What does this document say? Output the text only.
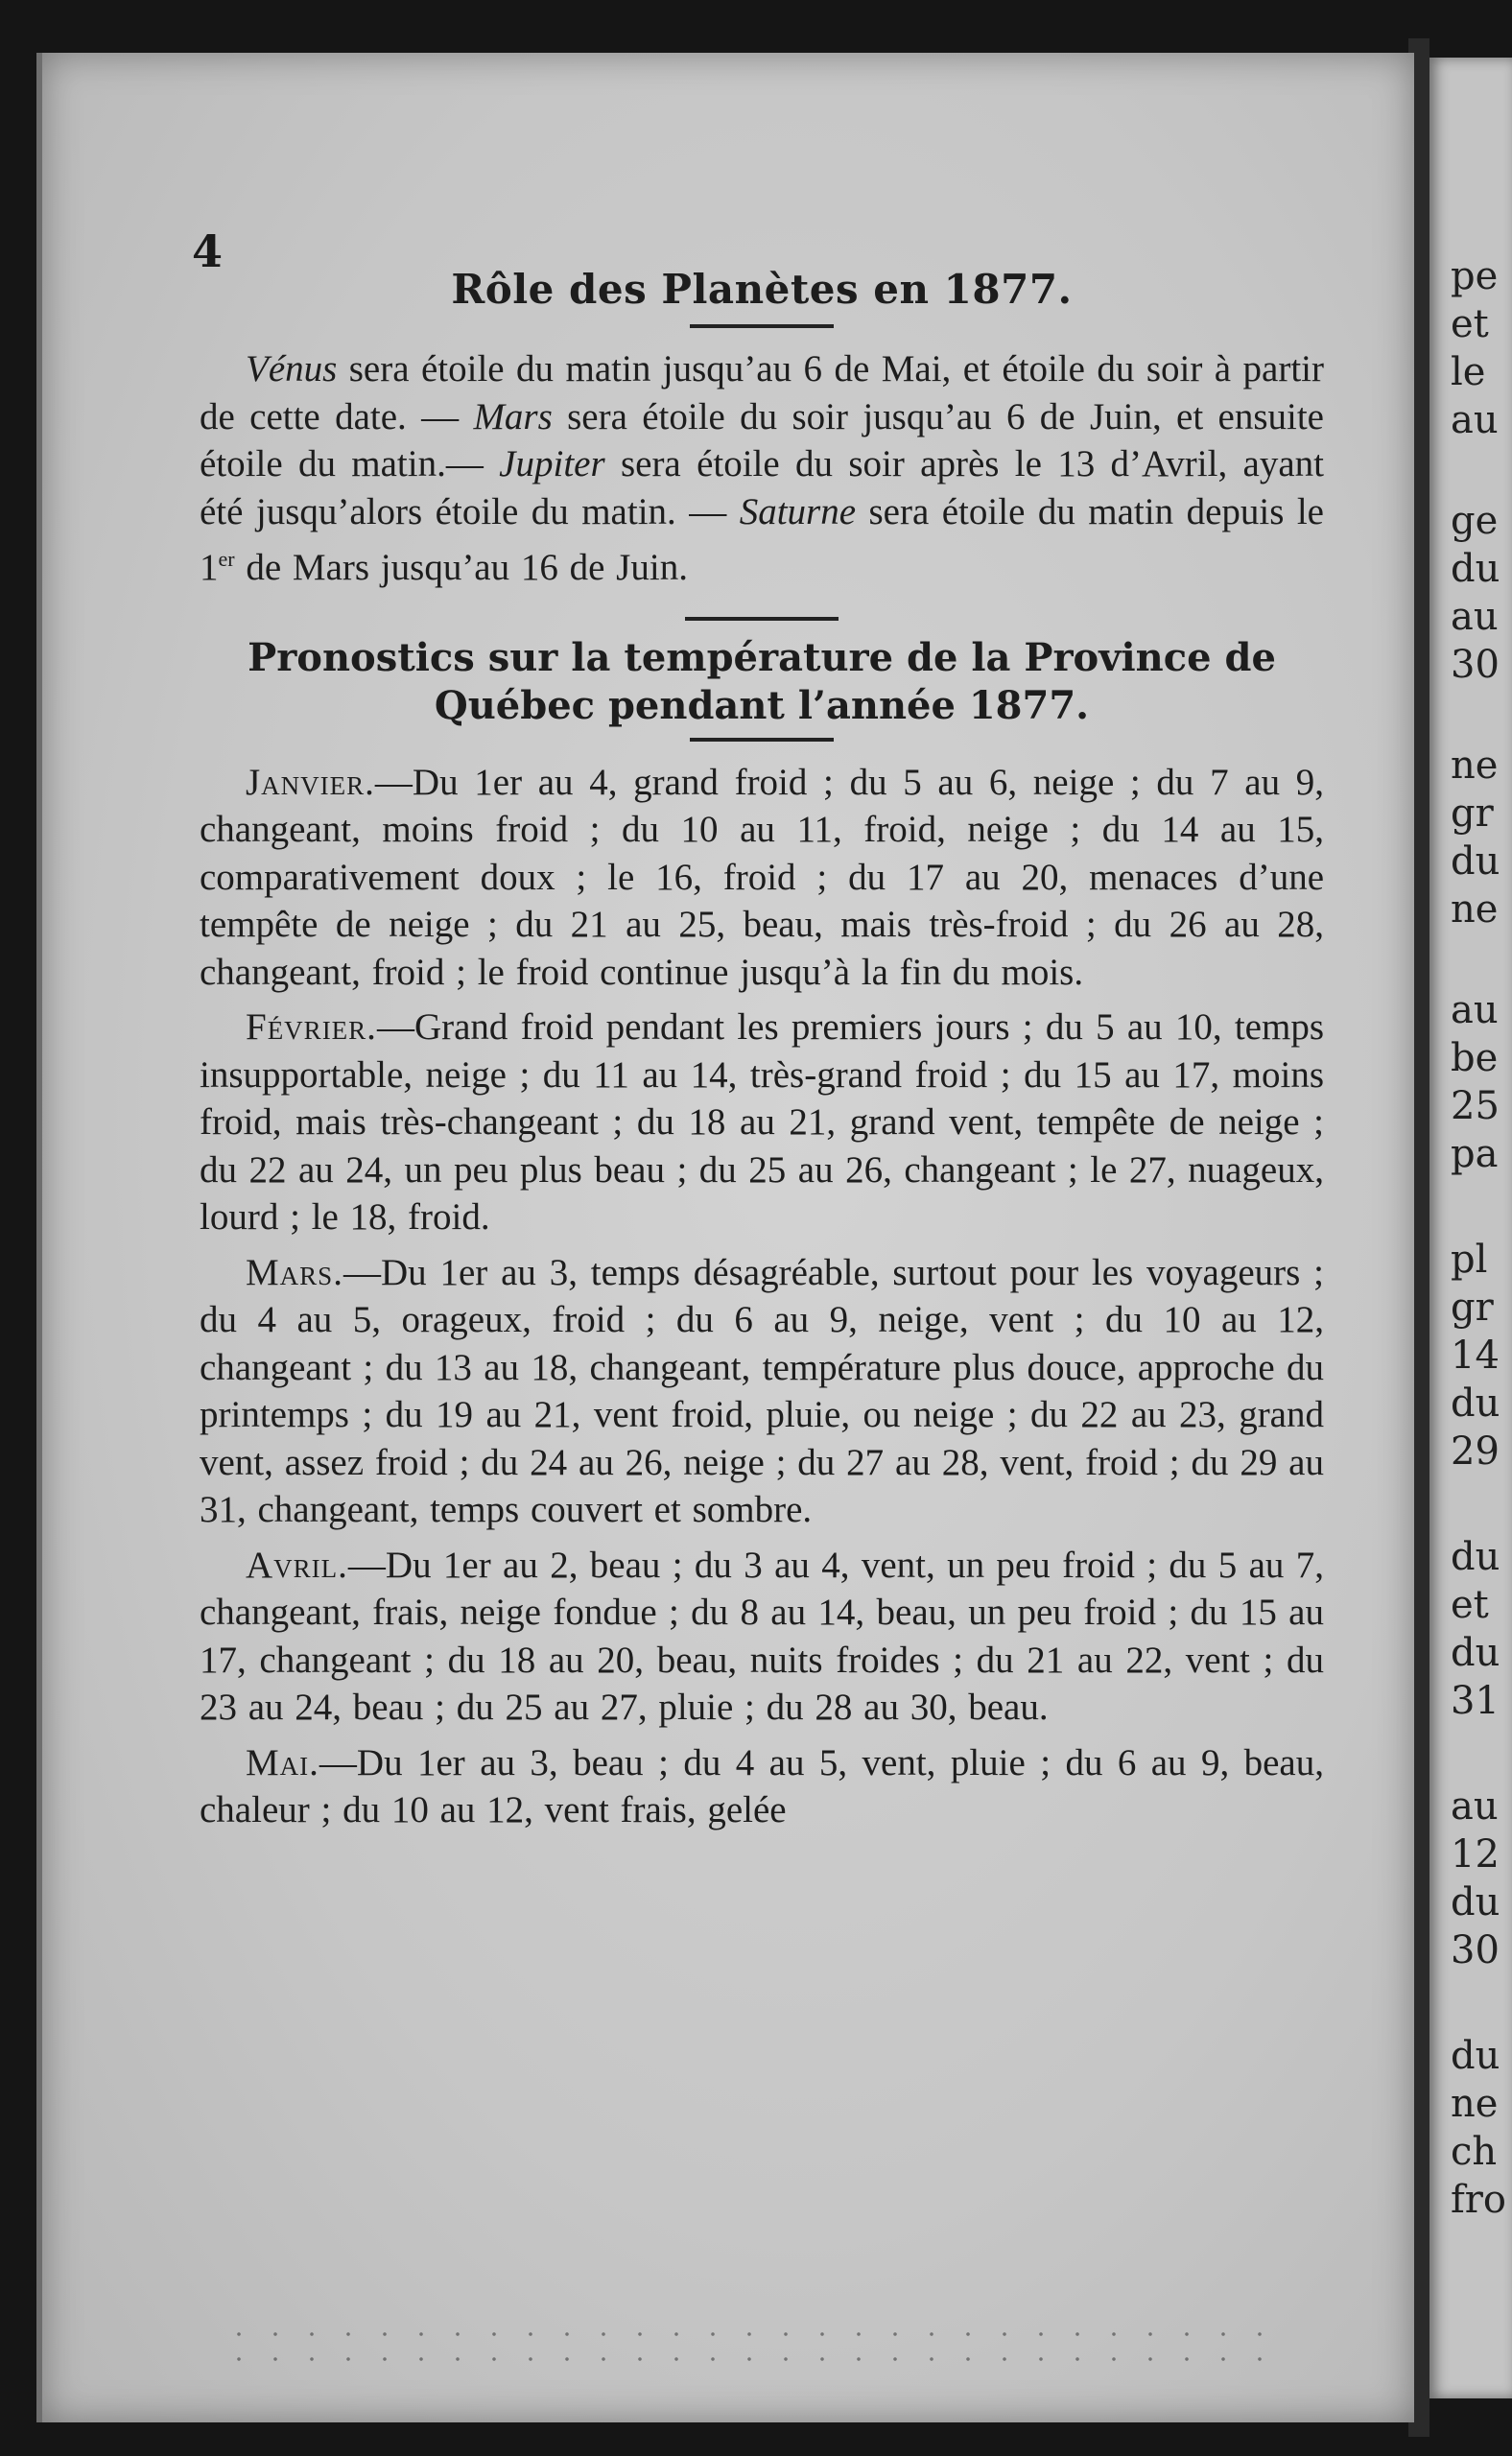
pe
et
le
au
ge
du
au
30
ne
gr
du
ne
au
be
25
pa
pl
gr
14
du
29
du
et
du
31
au
12
du
30
du
ne
ch
fro
4
Rôle des Planètes en 1877.

Vénus sera étoile du matin jusqu’au 6 de Mai, et étoile du soir à partir de cette date. — Mars sera étoile du soir jusqu’au 6 de Juin, et ensuite étoile du matin.— Jupiter sera étoile du soir après le 13 d’Avril, ayant été jusqu’alors étoile du matin. — Saturne sera étoile du matin depuis le 1er de Mars jusqu’au 16 de Juin.

Pronostics sur la température de la Province de Québec pendant l’année 1877.

Janvier.—Du 1er au 4, grand froid ; du 5 au 6, neige ; du 7 au 9, changeant, moins froid ; du 10 au 11, froid, neige ; du 14 au 15, comparativement doux ; le 16, froid ; du 17 au 20, menaces d’une tempête de neige ; du 21 au 25, beau, mais très-froid ; du 26 au 28, changeant, froid ; le froid continue jusqu’à la fin du mois.

Février.—Grand froid pendant les premiers jours ; du 5 au 10, temps insupportable, neige ; du 11 au 14, très-grand froid ; du 15 au 17, moins froid, mais très-changeant ; du 18 au 21, grand vent, tempête de neige ; du 22 au 24, un peu plus beau ; du 25 au 26, changeant ; le 27, nuageux, lourd ; le 18, froid.

Mars.—Du 1er au 3, temps désagréable, surtout pour les voyageurs ; du 4 au 5, orageux, froid ; du 6 au 9, neige, vent ; du 10 au 12, changeant ; du 13 au 18, changeant, température plus douce, approche du printemps ; du 19 au 21, vent froid, pluie, ou neige ; du 22 au 23, grand vent, assez froid ; du 24 au 26, neige ; du 27 au 28, vent, froid ; du 29 au 31, changeant, temps couvert et sombre.

Avril.—Du 1er au 2, beau ; du 3 au 4, vent, un peu froid ; du 5 au 7, changeant, frais, neige fondue ; du 8 au 14, beau, un peu froid ; du 15 au 17, changeant ; du 18 au 20, beau, nuits froides ; du 21 au 22, vent ; du 23 au 24, beau ; du 25 au 27, pluie ; du 28 au 30, beau.

Mai.—Du 1er au 3, beau ; du 4 au 5, vent, pluie ; du 6 au 9, beau, chaleur ; du 10 au 12, vent frais, gelée
